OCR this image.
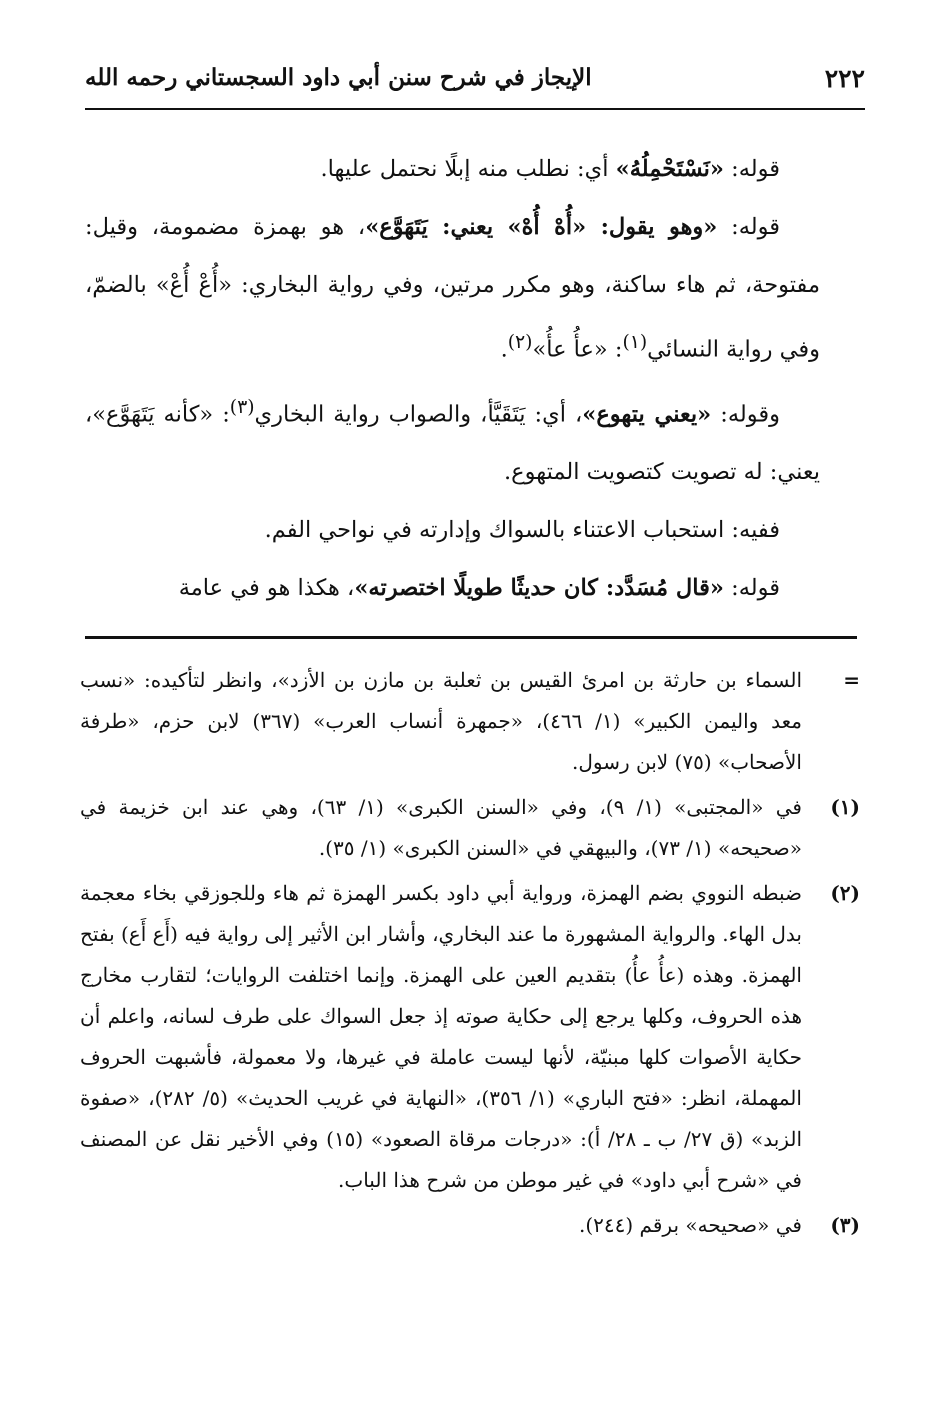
٢٢٢
الإيجاز في شرح سنن أبي داود السجستاني رحمه الله

قوله: «نَسْتَحْمِلُهُ» أي: نطلب منه إبلًا نحتمل عليها.

قوله: «وهو يقول: «أُهْ أُهْ» يعني: يَتَهَوَّع»، هو بهمزة مضمومة، وقيل: مفتوحة، ثم هاء ساكنة، وهو مكرر مرتين، وفي رواية البخاري: «أُعْ أُعْ» بالضمّ، وفي رواية النسائي$^{(١)}$: «عأُ عأُ»$^{(٢)}$.

وقوله: «يعني يتهوع»، أي: يَتَقَيَّأ، والصواب رواية البخاري$^{(٣)}$: «كأنه يَتَهَوَّع»، يعني: له تصويت كتصويت المتهوع.

ففيه: استحباب الاعتناء بالسواك وإدارته في نواحي الفم.

قوله: «قال مُسَدَّد: كان حديثًا طويلًا اختصرته»، هكذا هو في عامة

=
السماء بن حارثة بن امرئ القيس بن ثعلبة بن مازن بن الأزد»، وانظر لتأكيده: «نسب معد واليمن الكبير» (١/ ٤٦٦)، «جمهرة أنساب العرب» (٣٦٧) لابن حزم، «طرفة الأصحاب» (٧٥) لابن رسول.

(١)
في «المجتبى» (١/ ٩)، وفي «السنن الكبرى» (١/ ٦٣)، وهي عند ابن خزيمة في «صحيحه» (١/ ٧٣)، والبيهقي في «السنن الكبرى» (١/ ٣٥).

(٢)
ضبطه النووي بضم الهمزة، ورواية أبي داود بكسر الهمزة ثم هاء وللجوزقي بخاء معجمة بدل الهاء. والرواية المشهورة ما عند البخاري، وأشار ابن الأثير إلى رواية فيه (أَع أَع) بفتح الهمزة. وهذه (عأُ عأُ) بتقديم العين على الهمزة. وإنما اختلفت الروايات؛ لتقارب مخارج هذه الحروف، وكلها يرجع إلى حكاية صوته إذ جعل السواك على طرف لسانه، واعلم أن حكاية الأصوات كلها مبنيّة، لأنها ليست عاملة في غيرها، ولا معمولة، فأشبهت الحروف المهملة، انظر: «فتح الباري» (١/ ٣٥٦)، «النهاية في غريب الحديث» (٥/ ٢٨٢)، «صفوة الزبد» (ق ٢٧/ ب ـ ٢٨/ أ): «درجات مرقاة الصعود» (١٥) وفي الأخير نقل عن المصنف في «شرح أبي داود» في غير موطن من شرح هذا الباب.

(٣)
في «صحيحه» برقم (٢٤٤).
